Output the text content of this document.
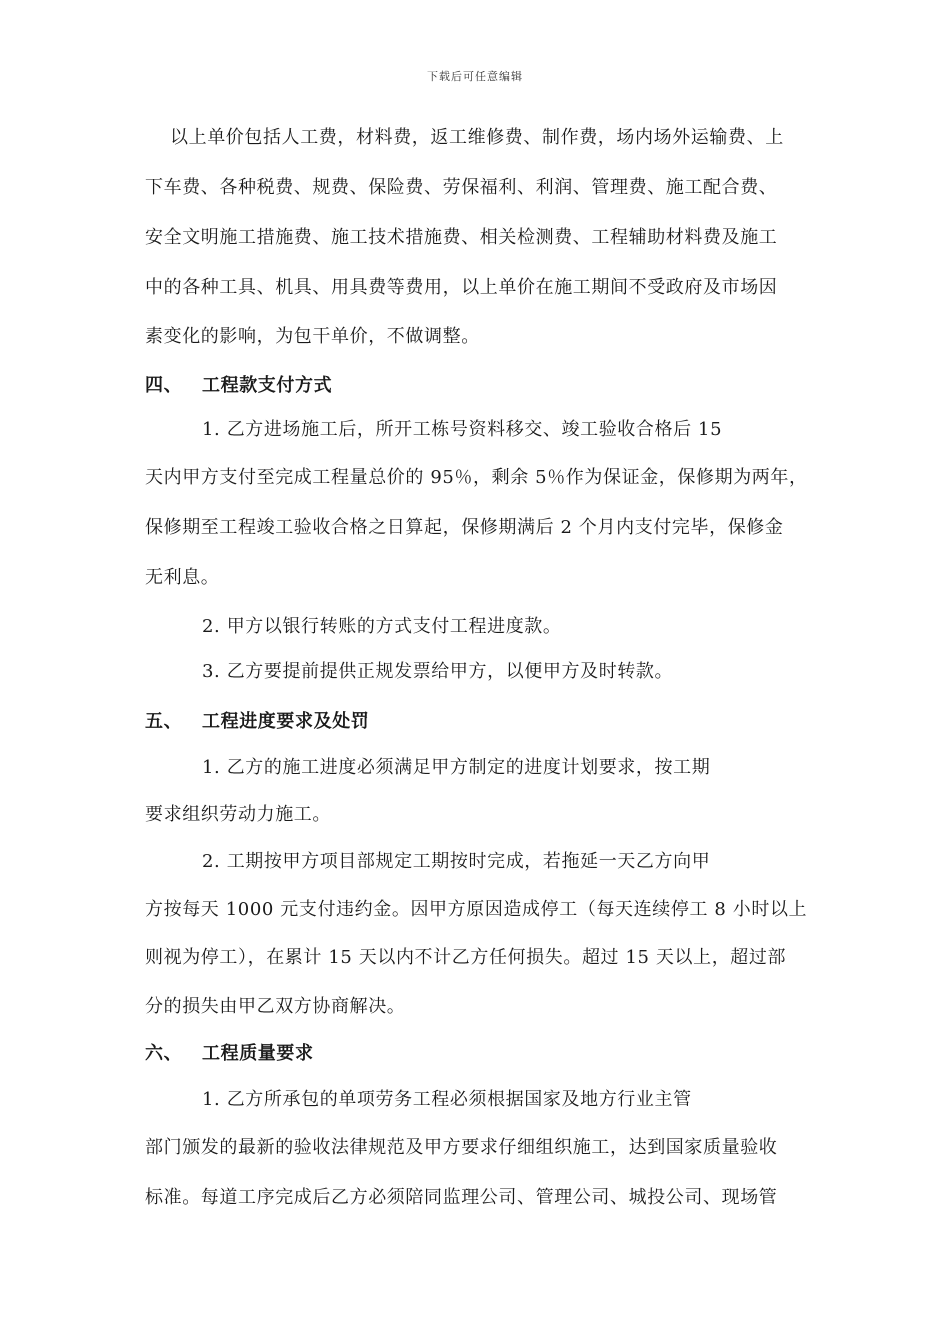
下载后可任意编辑
以上单价包括人工费，材料费，返工维修费、制作费，场内场外运输费、上
下车费、各种税费、规费、保险费、劳保福利、利润、管理费、施工配合费、
安全文明施工措施费、施工技术措施费、相关检测费、工程辅助材料费及施工
中的各种工具、机具、用具费等费用，以上单价在施工期间不受政府及市场因
素变化的影响，为包干单价，不做调整。
四、 工程款支付方式
1. 乙方进场施工后，所开工栋号资料移交、竣工验收合格后 15
天内甲方支付至完成工程量总价的 95％，剩余 5％作为保证金，保修期为两年，
保修期至工程竣工验收合格之日算起，保修期满后 2 个月内支付完毕，保修金
无利息。
2. 甲方以银行转账的方式支付工程进度款。
3. 乙方要提前提供正规发票给甲方，以便甲方及时转款。
五、 工程进度要求及处罚
1. 乙方的施工进度必须满足甲方制定的进度计划要求，按工期
要求组织劳动力施工。
2. 工期按甲方项目部规定工期按时完成，若拖延一天乙方向甲
方按每天 1000 元支付违约金。因甲方原因造成停工（每天连续停工 8 小时以上
则视为停工），在累计 15 天以内不计乙方任何损失。超过 15 天以上，超过部
分的损失由甲乙双方协商解决。
六、 工程质量要求
1. 乙方所承包的单项劳务工程必须根据国家及地方行业主管
部门颁发的最新的验收法律规范及甲方要求仔细组织施工，达到国家质量验收
标准。每道工序完成后乙方必须陪同监理公司、管理公司、城投公司、现场管
